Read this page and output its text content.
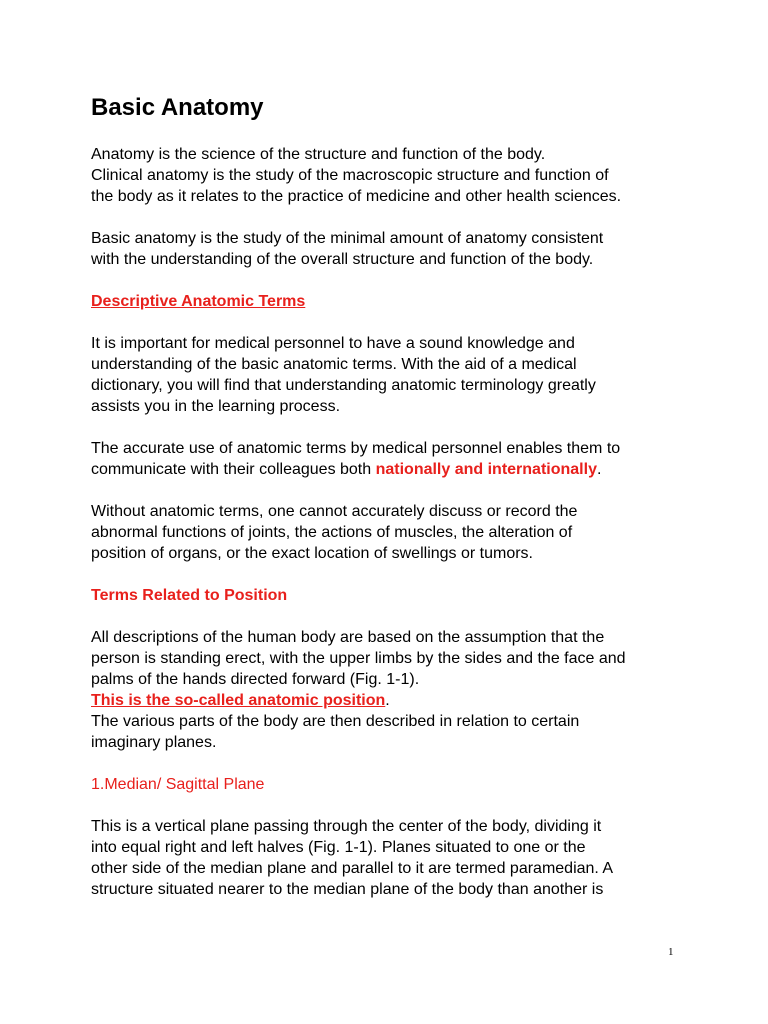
Basic Anatomy

Anatomy is the science of the structure and function of the body.
Clinical anatomy is the study of the macroscopic structure and function of
the body as it relates to the practice of medicine and other health sciences.

Basic anatomy is the study of the minimal amount of anatomy consistent
with the understanding of the overall structure and function of the body.

Descriptive Anatomic Terms

It is important for medical personnel to have a sound knowledge and
understanding of the basic anatomic terms. With the aid of a medical
dictionary, you will find that understanding anatomic terminology greatly
assists you in the learning process.

The accurate use of anatomic terms by medical personnel enables them to
communicate with their colleagues both nationally and internationally.

Without anatomic terms, one cannot accurately discuss or record the
abnormal functions of joints, the actions of muscles, the alteration of
position of organs, or the exact location of swellings or tumors.

Terms Related to Position

All descriptions of the human body are based on the assumption that the
person is standing erect, with the upper limbs by the sides and the face and
palms of the hands directed forward (Fig. 1-1).
This is the so-called anatomic position.
The various parts of the body are then described in relation to certain
imaginary planes.

1.Median/ Sagittal Plane

This is a vertical plane passing through the center of the body, dividing it
into equal right and left halves (Fig. 1-1). Planes situated to one or the
other side of the median plane and parallel to it are termed paramedian. A
structure situated nearer to the median plane of the body than another is

1
